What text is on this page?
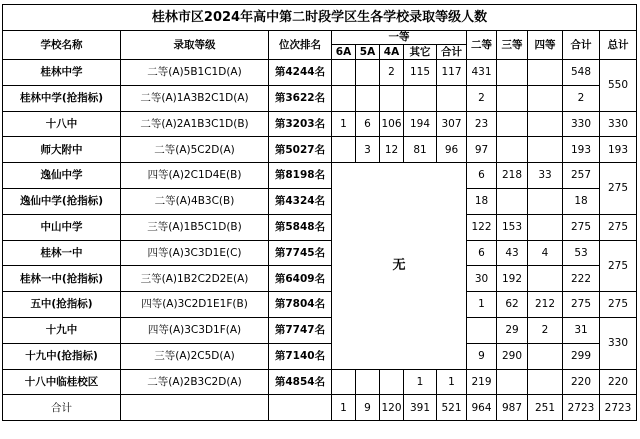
桂林市区2024年高中第二时段学区生各学校录取等级人数												
学校名称	录取等级	位次排名	一等					二等	三等	四等	合计	总计
			6A	5A	4A	其它	合计					
桂林中学	二等(A)5B1C1D(A)	第4244名			2	115	117	431			548	550
桂林中学(抢指标)	二等(A)1A3B2C1D(A)	第3622名						2			2	
十八中	二等(A)2A1B3C1D(B)	第3203名	1	6	106	194	307	23			330	330
师大附中	二等(A)5C2D(A)	第5027名		3	12	81	96	97			193	193
逸仙中学	四等(A)2C1D4E(B)	第8198名	无					6	218	33	257	275
逸仙中学(抢指标)	二等(A)4B3C(B)	第4324名						18			18	
中山中学	三等(A)1B5C1D(B)	第5848名						122	153		275	275
桂林一中	四等(A)3C3D1E(C)	第7745名						6	43	4	53	275
桂林一中(抢指标)	三等(A)1B2C2D2E(A)	第6409名						30	192		222	
五中(抢指标)	四等(A)3C2D1E1F(B)	第7804名						1	62	212	275	275
十九中	四等(A)3C3D1F(A)	第7747名							29	2	31	330
十九中(抢指标)	三等(A)2C5D(A)	第7140名						9	290		299	
十八中临桂校区	二等(A)2B3C2D(A)	第4854名				1	1	219			220	220
合计			1	9	120	391	521	964	987	251	2723	2723
